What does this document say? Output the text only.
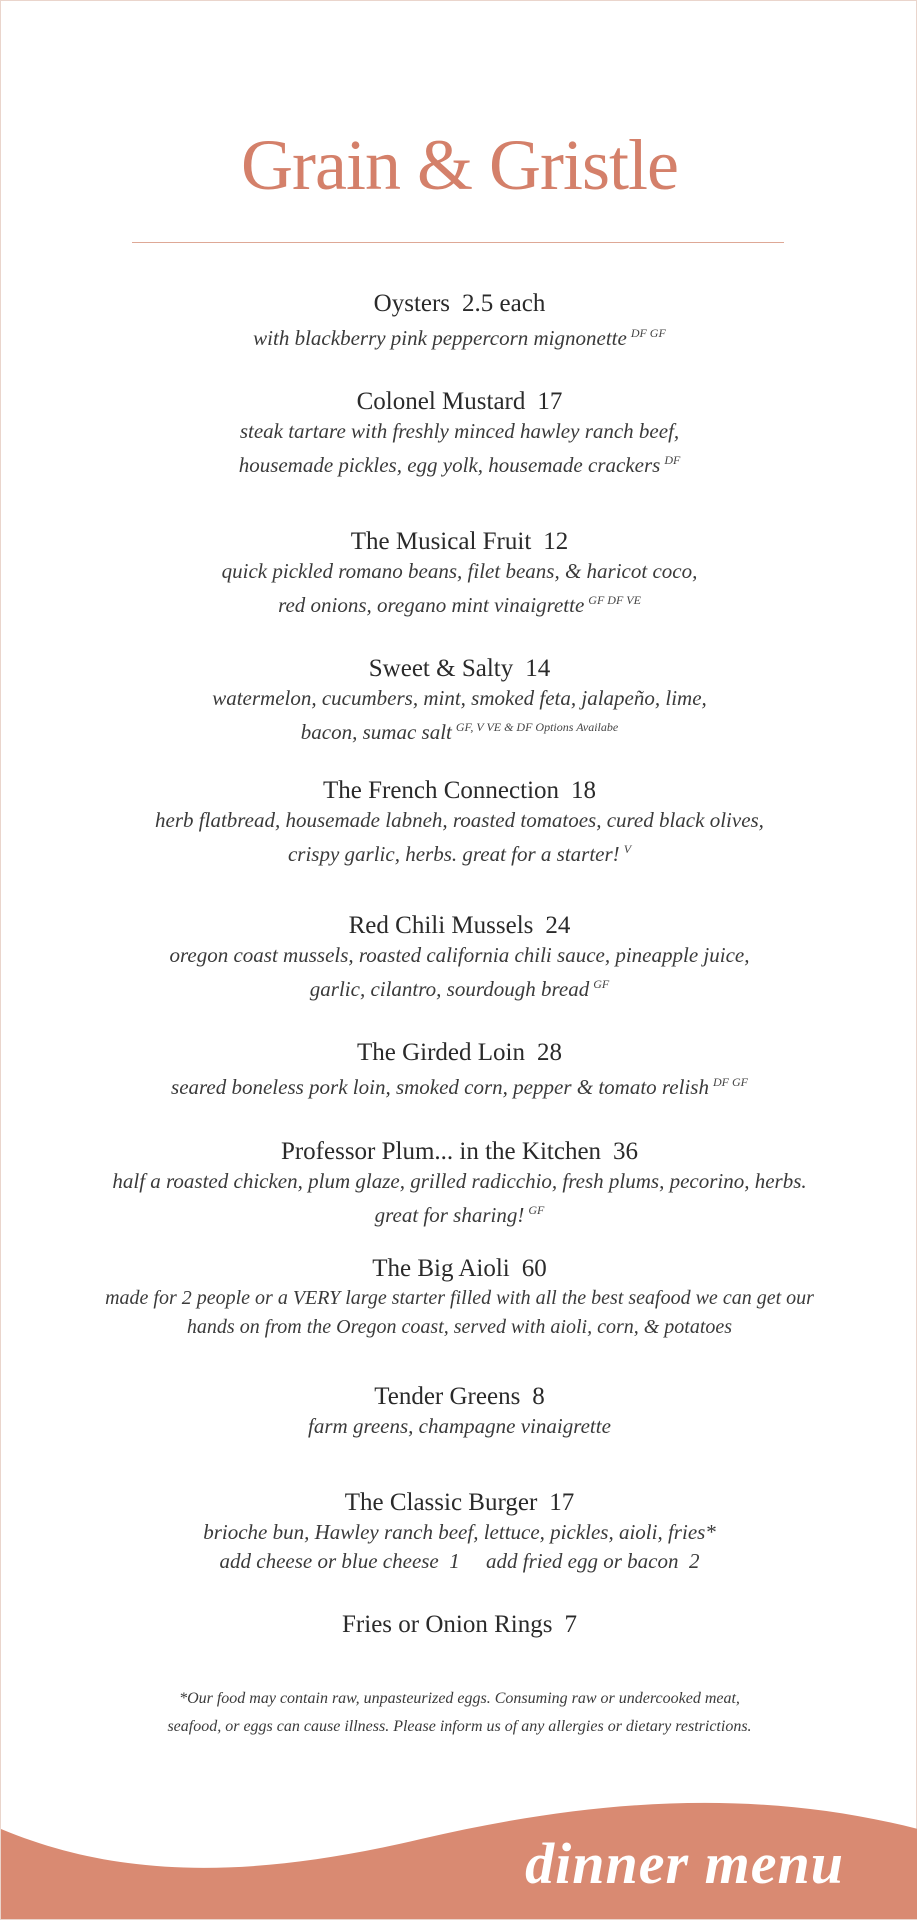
Grain & Gristle
Oysters 2.5 each
with blackberry pink peppercorn mignonette $^{DF GF}$
Colonel Mustard 17
steak tartare with freshly minced hawley ranch beef,
housemade pickles, egg yolk, housemade crackers $^{DF}$
The Musical Fruit 12
quick pickled romano beans, filet beans, & haricot coco,
red onions, oregano mint vinaigrette $^{GF DF VE}$
Sweet & Salty 14
watermelon, cucumbers, mint, smoked feta, jalapeño, lime,
bacon, sumac salt $^{GF, V VE \& DF Options Availabe}$
The French Connection 18
herb flatbread, housemade labneh, roasted tomatoes, cured black olives,
crispy garlic, herbs. great for a starter! $^V$
Red Chili Mussels 24
oregon coast mussels, roasted california chili sauce, pineapple juice,
garlic, cilantro, sourdough bread $^{GF}$
The Girded Loin 28
seared boneless pork loin, smoked corn, pepper & tomato relish $^{DF GF}$
Professor Plum... in the Kitchen 36
half a roasted chicken, plum glaze, grilled radicchio, fresh plums, pecorino, herbs.
great for sharing! $^{GF}$
The Big Aioli 60
made for 2 people or a VERY large starter filled with all the best seafood we can get our
hands on from the Oregon coast, served with aioli, corn, & potatoes
Tender Greens 8
farm greens, champagne vinaigrette
The Classic Burger 17
brioche bun, Hawley ranch beef, lettuce, pickles, aioli, fries*
add cheese or blue cheese  1     add fried egg or bacon  2
Fries or Onion Rings 7
*Our food may contain raw, unpasteurized eggs. Consuming raw or undercooked meat,
seafood, or eggs can cause illness. Please inform us of any allergies or dietary restrictions.
dinner menu
